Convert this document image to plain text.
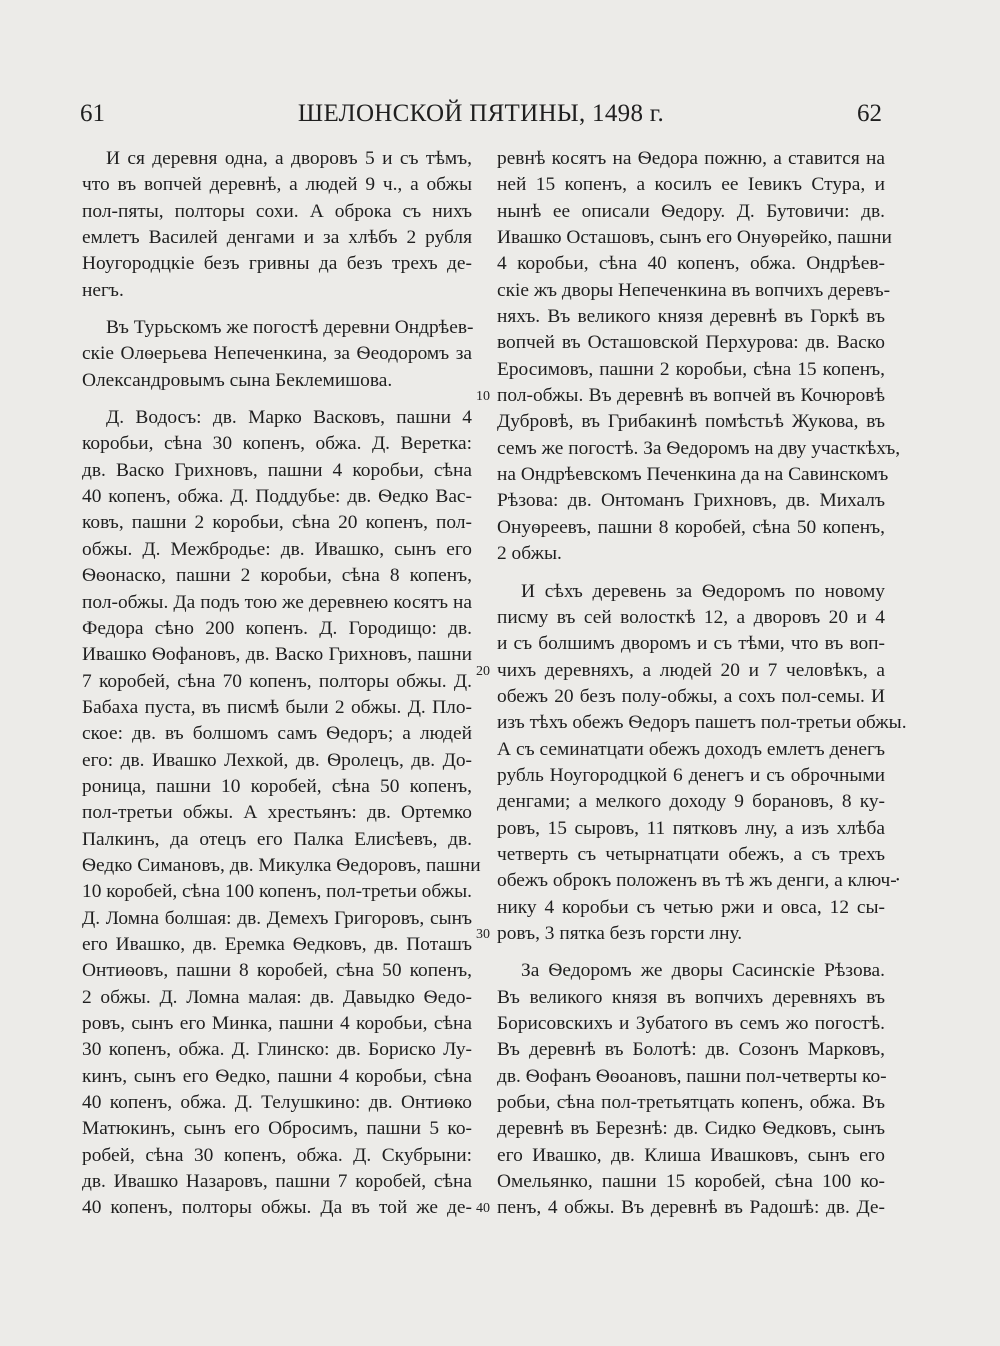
61	ШЕЛОНСКОЙ ПЯТИНЫ, 1498 г.	62
И ся деревня одна, а дворовъ 5 и съ тѣмъ,
что въ вопчей деревнѣ, а людей 9 ч., а обжы
пол-пяты, полторы сохи. А оброка съ нихъ
емлетъ Василей денгами и за хлѣбъ 2 рубля
Ноугородцкіе безъ гривны да безъ трехъ де-
негъ.
Въ Турьскомъ же погостѣ деревни Ондрѣев-
скіе Олѳерьева Непеченкина, за Ѳеодоромъ за
Олександровымъ сына Беклемишова.
Д. Водосъ: дв. Марко Васковъ, пашни 4
коробьи, сѣна 30 копенъ, обжа. Д. Веретка:
дв. Васко Грихновъ, пашни 4 коробьи, сѣна
40 копенъ, обжа. Д. Поддубье: дв. Ѳедко Вас-
ковъ, пашни 2 коробьи, сѣна 20 копенъ, пол-
обжы. Д. Межбродье: дв. Ивашко, сынъ его
Ѳѳонаско, пашни 2 коробьи, сѣна 8 копенъ,
пол-обжы. Да подъ тою же деревнею косятъ на
Федора сѣно 200 копенъ. Д. Городищо: дв.
Ивашко Ѳофановъ, дв. Васко Грихновъ, пашни
7 коробей, сѣна 70 копенъ, полторы обжы. Д.
Бабаха пуста, въ писмѣ были 2 обжы. Д. Пло-
ское: дв. въ болшомъ самъ Ѳедоръ; а людей
его: дв. Ивашко Лехкой, дв. Ѳролецъ, дв. До-
роница, пашни 10 коробей, сѣна 50 копенъ,
пол-третьи обжы. А хрестьянъ: дв. Ортемко
Палкинъ, да отецъ его Палка Елисѣевъ, дв.
Ѳедко Симановъ, дв. Микулка Ѳедоровъ, пашни
10 коробей, сѣна 100 копенъ, пол-третьи обжы.
Д. Ломна болшая: дв. Демехъ Григоровъ, сынъ
его Ивашко, дв. Еремка Ѳедковъ, дв. Поташъ
Онтиѳовъ, пашни 8 коробей, сѣна 50 копенъ,
2 обжы. Д. Ломна малая: дв. Давыдко Ѳедо-
ровъ, сынъ его Минка, пашни 4 коробьи, сѣна
30 копенъ, обжа. Д. Глинско: дв. Бориско Лу-
кинъ, сынъ его Ѳедко, пашни 4 коробьи, сѣна
40 копенъ, обжа. Д. Телушкино: дв. Онтиѳко
Матюкинъ, сынъ его Обросимъ, пашни 5 ко-
робей, сѣна 30 копенъ, обжа. Д. Скубрыни:
дв. Ивашко Назаровъ, пашни 7 коробей, сѣна
40 копенъ, полторы обжы. Да въ той же де-
ревнѣ косятъ на Ѳедора пожню, а ставится на
ней 15 копенъ, а косилъ ее Іевикъ Стура, и
нынѣ ее описали Ѳедору. Д. Бутовичи: дв.
Ивашко Осташовъ, сынъ его Онуѳрейко, пашни
4 коробьи, сѣна 40 копенъ, обжа. Ондрѣев-
скіе жъ дворы Непеченкина въ вопчихъ деревъ-
няхъ. Въ великого князя деревнѣ въ Горкѣ въ
вопчей въ Осташовской Перхурова: дв. Васко
Еросимовъ, пашни 2 коробьи, сѣна 15 копенъ,
пол-обжы. Въ деревнѣ въ вопчей въ Кочюровѣ
Дубровѣ, въ Грибакинѣ помѣстьѣ Жукова, въ
семъ же погостѣ. За Ѳедоромъ на дву участкѣхъ,
на Ондрѣевскомъ Печенкина да на Савинскомъ
Рѣзова: дв. Онтоманъ Грихновъ, дв. Михалъ
Онуѳреевъ, пашни 8 коробей, сѣна 50 копенъ,
2 обжы.
И сѣхъ деревень за Ѳедоромъ по новому
писму въ сей волосткѣ 12, а дворовъ 20 и 4
и съ болшимъ дворомъ и съ тѣми, что въ воп-
чихъ деревняхъ, а людей 20 и 7 человѣкъ, а
обежъ 20 безъ полу-обжы, а сохъ пол-семы. И
изъ тѣхъ обежъ Ѳедоръ пашетъ пол-третьи обжы.
А съ семинатцати обежъ доходъ емлетъ денегъ
рубль Ноугородцкой 6 денегъ и съ оброчными
денгами; а мелкого доходу 9 борановъ, 8 ку-
ровъ, 15 сыровъ, 11 пятковъ лну, а изъ хлѣба
четверть съ четырнатцати обежъ, а съ трехъ
обежъ оброкъ положенъ въ тѣ жъ денги, а ключ-
нику 4 коробьи съ четью ржи и овса, 12 сы-
ровъ, 3 пятка безъ горсти лну.
За Ѳедоромъ же дворы Сасинскіе Рѣзова.
Въ великого князя въ вопчихъ деревняхъ въ
Борисовскихъ и Зубатого въ семъ жо погостѣ.
Въ деревнѣ въ Болотѣ: дв. Созонъ Марковъ,
дв. Ѳофанъ Ѳѳоановъ, пашни пол-четверты ко-
робьи, сѣна пол-третьятцать копенъ, обжа. Въ
деревнѣ въ Березнѣ: дв. Сидко Ѳедковъ, сынъ
его Ивашко, дв. Клиша Ивашковъ, сынъ его
Омельянко, пашни 15 коробей, сѣна 100 ко-
пенъ, 4 обжы. Въ деревнѣ въ Радошѣ: дв. Де-
10
20
30
40
•
